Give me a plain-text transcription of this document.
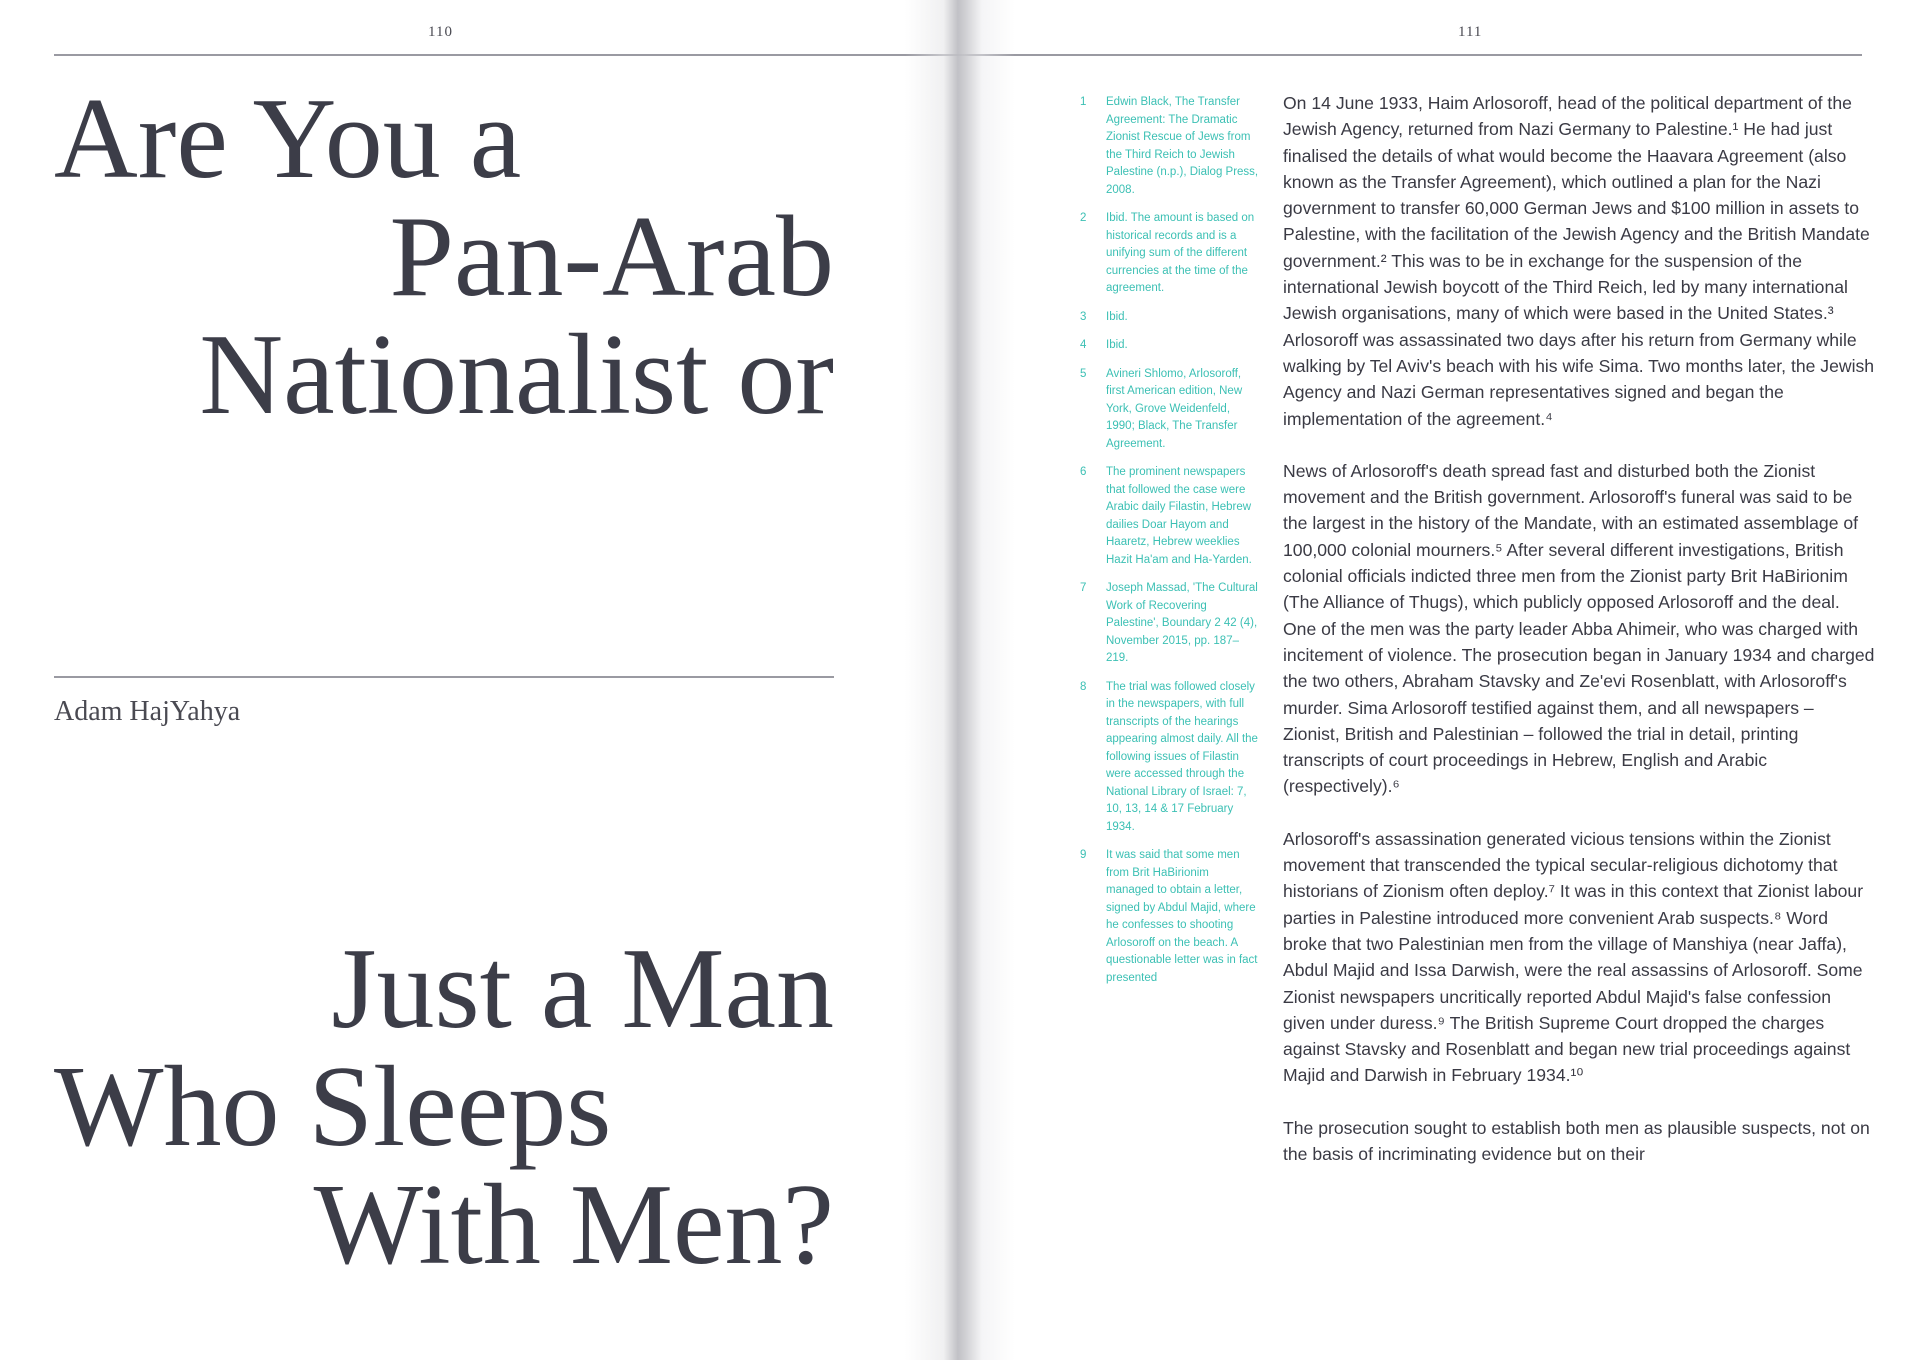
110
Are You a
Pan-Arab
Nationalist or
Adam HajYahya
Just a Man
Who Sleeps
With Men?
111
1	Edwin Black, The Transfer Agreement: The Dramatic Zionist Rescue of Jews from the Third Reich to Jewish Palestine (n.p.), Dialog Press, 2008.
2	Ibid. The amount is based on historical records and is a unifying sum of the different currencies at the time of the agreement.
3	Ibid.
4	Ibid.
5	Avineri Shlomo, Arlosoroff, first American edition, New York, Grove Weidenfeld, 1990; Black, The Transfer Agreement.
6	The prominent newspapers that followed the case were Arabic daily Filastin, Hebrew dailies Doar Hayom and Haaretz, Hebrew weeklies Hazit Ha'am and Ha-Yarden.
7	Joseph Massad, 'The Cultural Work of Recovering Palestine', Boundary 2 42 (4), November 2015, pp. 187–219.
8	The trial was followed closely in the newspapers, with full transcripts of the hearings appearing almost daily. All the following issues of Filastin were accessed through the National Library of Israel: 7, 10, 13, 14 & 17 February 1934.
9	It was said that some men from Brit HaBirionim managed to obtain a letter, signed by Abdul Majid, where he confesses to shooting Arlosoroff on the beach. A questionable letter was in fact presented

On 14 June 1933, Haim Arlosoroff, head of the political department of the Jewish Agency, returned from Nazi Germany to Palestine.¹ He had just finalised the details of what would become the Haavara Agreement (also known as the Transfer Agreement), which outlined a plan for the Nazi government to transfer 60,000 German Jews and $100 million in assets to Palestine, with the facilitation of the Jewish Agency and the British Mandate government.² This was to be in exchange for the suspension of the international Jewish boycott of the Third Reich, led by many international Jewish organisations, many of which were based in the United States.³ Arlosoroff was assassinated two days after his return from Germany while walking by Tel Aviv's beach with his wife Sima. Two months later, the Jewish Agency and Nazi German representatives signed and began the implementation of the agreement.⁴

News of Arlosoroff's death spread fast and disturbed both the Zionist movement and the British government. Arlosoroff's funeral was said to be the largest in the history of the Mandate, with an estimated assemblage of 100,000 colonial mourners.⁵ After several different investigations, British colonial officials indicted three men from the Zionist party Brit HaBirionim (The Alliance of Thugs), which publicly opposed Arlosoroff and the deal. One of the men was the party leader Abba Ahimeir, who was charged with incitement of violence. The prosecution began in January 1934 and charged the two others, Abraham Stavsky and Ze'evi Rosenblatt, with Arlosoroff's murder. Sima Arlosoroff testified against them, and all newspapers – Zionist, British and Palestinian – followed the trial in detail, printing transcripts of court proceedings in Hebrew, English and Arabic (respectively).⁶

Arlosoroff's assassination generated vicious tensions within the Zionist movement that transcended the typical secular-religious dichotomy that historians of Zionism often deploy.⁷ It was in this context that Zionist labour parties in Palestine introduced more convenient Arab suspects.⁸ Word broke that two Palestinian men from the village of Manshiya (near Jaffa), Abdul Majid and Issa Darwish, were the real assassins of Arlosoroff. Some Zionist newspapers uncritically reported Abdul Majid's false confession given under duress.⁹ The British Supreme Court dropped the charges against Stavsky and Rosenblatt and began new trial proceedings against Majid and Darwish in February 1934.¹⁰

The prosecution sought to establish both men as plausible suspects, not on the basis of incriminating evidence but on their
